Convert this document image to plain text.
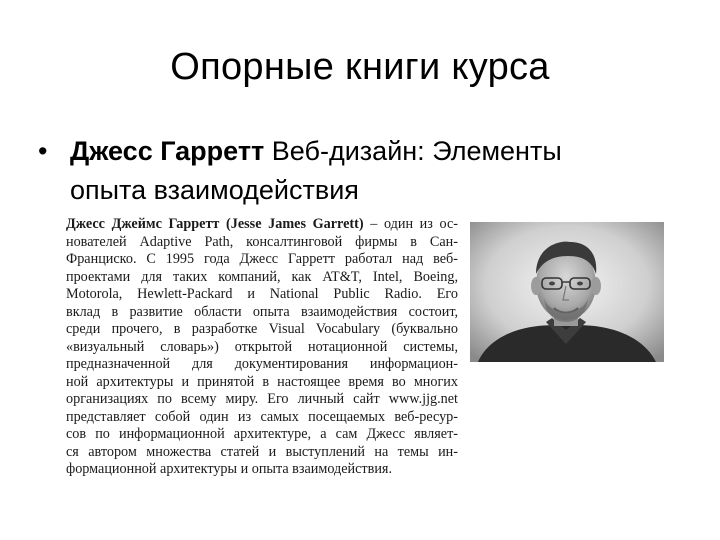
Опорные книги курса
• Джесс Гарретт Веб-дизайн: Элементы
опыта взаимодействия
Джесс Джеймс Гарретт (Jesse James Garrett) – один из ос-
нователей Adaptive Path, консалтинговой фирмы в Сан-
Франциско. С 1995 года Джесс Гарретт работал над веб-
проектами для таких компаний, как AT&T, Intel, Boeing,
Motorola, Hewlett-Packard и National Public Radio. Его
вклад в развитие области опыта взаимодействия состоит,
среди прочего, в разработке Visual Vocabulary (буквально
«визуальный словарь») открытой нотационной системы,
предназначенной для документирования информацион-
ной архитектуры и принятой в настоящее время во многих
организациях по всему миру. Его личный сайт www.jjg.net
представляет собой один из самых посещаемых веб-ресур-
сов по информационной архитектуре, а сам Джесс являет-
ся автором множества статей и выступлений на темы ин-
формационной архитектуры и опыта взаимодействия.
